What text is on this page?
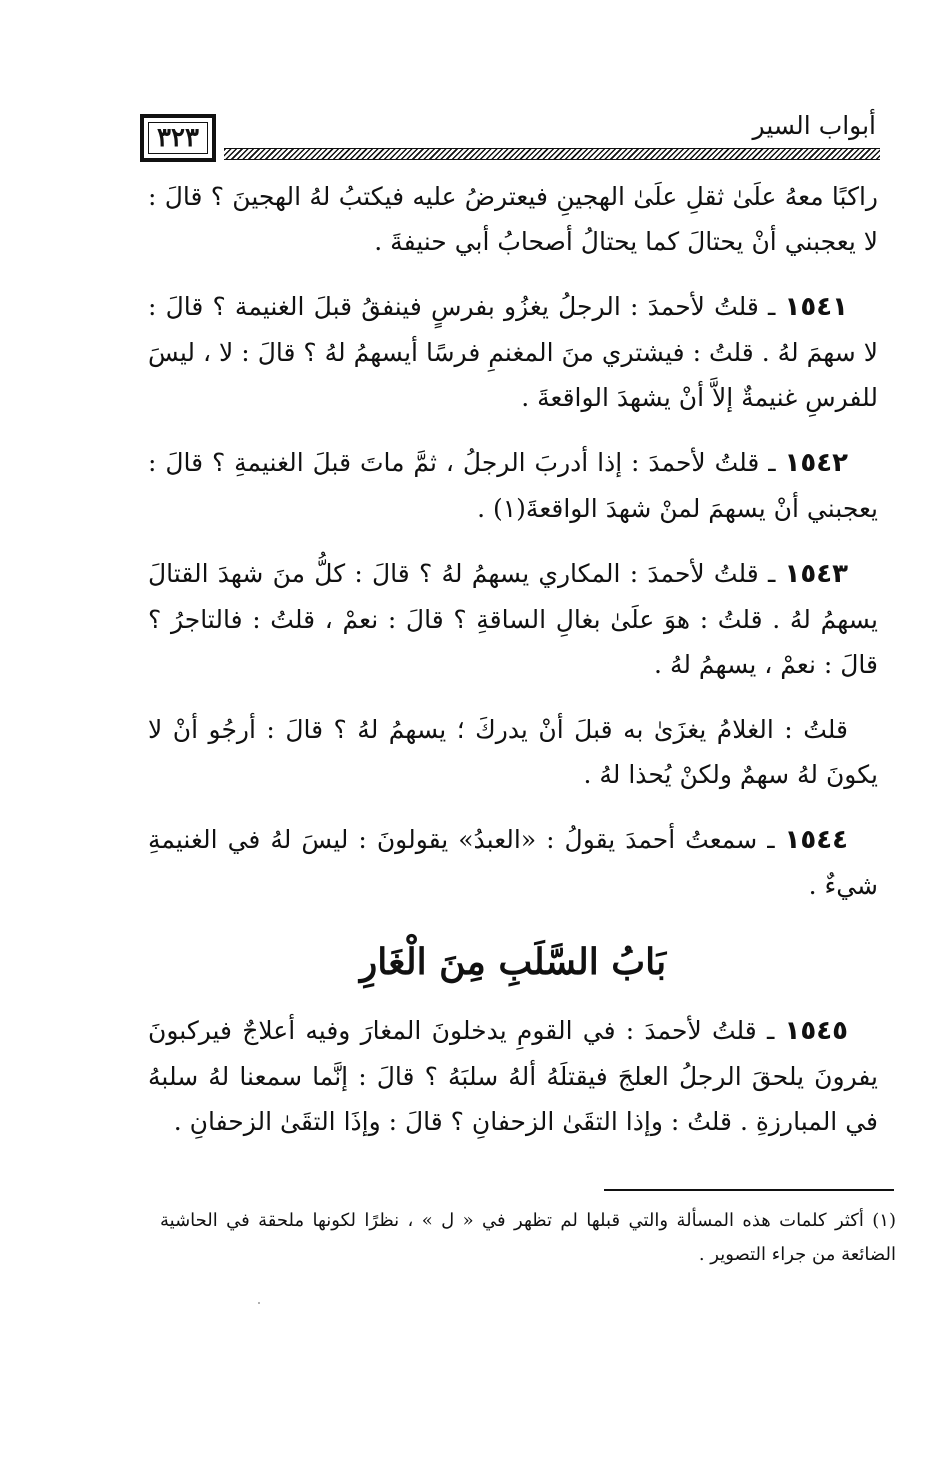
أبواب السير
٣٢٣

راكبًا معهُ علَىٰ ثقلِ علَىٰ الهجينِ فيعترضُ عليه فيكتبُ لهُ الهجينَ ؟ قالَ : لا يعجبني أنْ يحتالَ كما يحتالُ أصحابُ أبي حنيفةَ .

١٥٤١ ـ قلتُ لأحمدَ : الرجلُ يغزُو بفرسٍ فينفقُ قبلَ الغنيمة ؟ قالَ : لا سهمَ لهُ . قلتُ : فيشتري منَ المغنمِ فرسًا أيسهمُ لهُ ؟ قالَ : لا ، ليسَ للفرسِ غنيمةٌ إلاَّ أنْ يشهدَ الواقعةَ .

١٥٤٢ ـ قلتُ لأحمدَ : إذا أدربَ الرجلُ ، ثمَّ ماتَ قبلَ الغنيمةِ ؟ قالَ : يعجبني أنْ يسهمَ لمنْ شهدَ الواقعةَ(١) .

١٥٤٣ ـ قلتُ لأحمدَ : المكاري يسهمُ لهُ ؟ قالَ : كلُّ منَ شهدَ القتالَ يسهمُ لهُ . قلتُ : هوَ علَىٰ بغالِ الساقةِ ؟ قالَ : نعمْ ، قلتُ : فالتاجرُ ؟ قالَ : نعمْ ، يسهمُ لهُ .

قلتُ : الغلامُ يغزَىٰ به قبلَ أنْ يدركَ ؛ يسهمُ لهُ ؟ قالَ : أرجُو أنْ لا يكونَ لهُ سهمٌ ولكنْ يُحذا لهُ .

١٥٤٤ ـ سمعتُ أحمدَ يقولُ : «العبدُ» يقولونَ : ليسَ لهُ في الغنيمةِ شيءٌ .

بَابُ السَّلَبِ مِنَ الْغَارِ

١٥٤٥ ـ قلتُ لأحمدَ : في القومِ يدخلونَ المغارَ وفيه أعلاجٌ فيركبونَ يفرونَ يلحقَ الرجلُ العلجَ فيقتلَهُ ألهُ سلبَهُ ؟ قالَ : إنَّما سمعنا لهُ سلبهُ في المبارزةِ . قلتُ : وإذا التقَىٰ الزحفانِ ؟ قالَ : وإذَا التقَىٰ الزحفانِ .

(١) أكثر كلمات هذه المسألة والتي قبلها لم تظهر في « ل » ، نظرًا لكونها ملحقة في الحاشية الضائعة من جراء التصوير .
